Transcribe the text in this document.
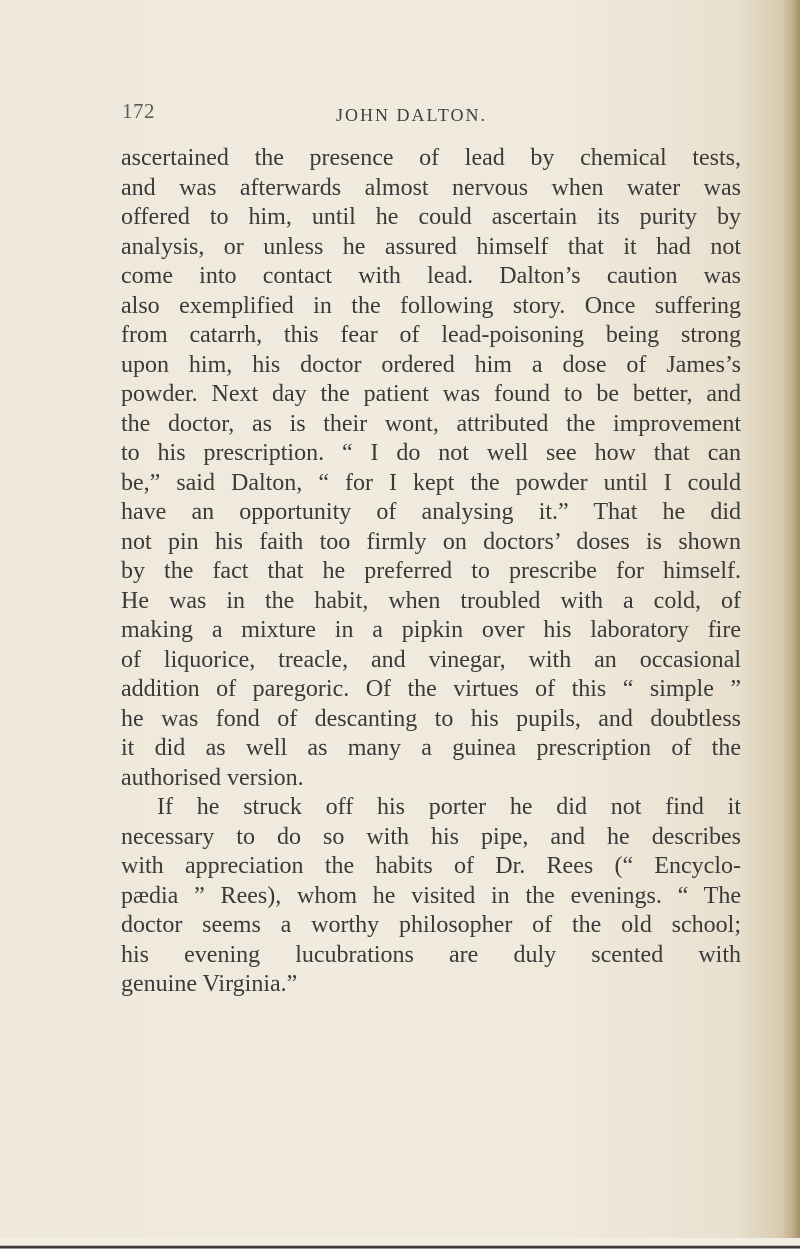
172	JOHN DALTON.
ascertained the presence of lead by chemical tests,
and was afterwards almost nervous when water was
offered to him, until he could ascertain its purity by
analysis, or unless he assured himself that it had not
come into contact with lead. Dalton’s caution was
also exemplified in the following story. Once suffering
from catarrh, this fear of lead-poisoning being strong
upon him, his doctor ordered him a dose of James’s
powder. Next day the patient was found to be better, and
the doctor, as is their wont, attributed the improvement
to his prescription. “ I do not well see how that can
be,” said Dalton, “ for I kept the powder until I could
have an opportunity of analysing it.” That he did
not pin his faith too firmly on doctors’ doses is shown
by the fact that he preferred to prescribe for himself.
He was in the habit, when troubled with a cold, of
making a mixture in a pipkin over his laboratory fire
of liquorice, treacle, and vinegar, with an occasional
addition of paregoric. Of the virtues of this “ simple ”
he was fond of descanting to his pupils, and doubtless
it did as well as many a guinea prescription of the
authorised version.
If he struck off his porter he did not find it
necessary to do so with his pipe, and he describes
with appreciation the habits of Dr. Rees (“ Encyclo-
pædia ” Rees), whom he visited in the evenings. “ The
doctor seems a worthy philosopher of the old school;
his evening lucubrations are duly scented with
genuine Virginia.”
